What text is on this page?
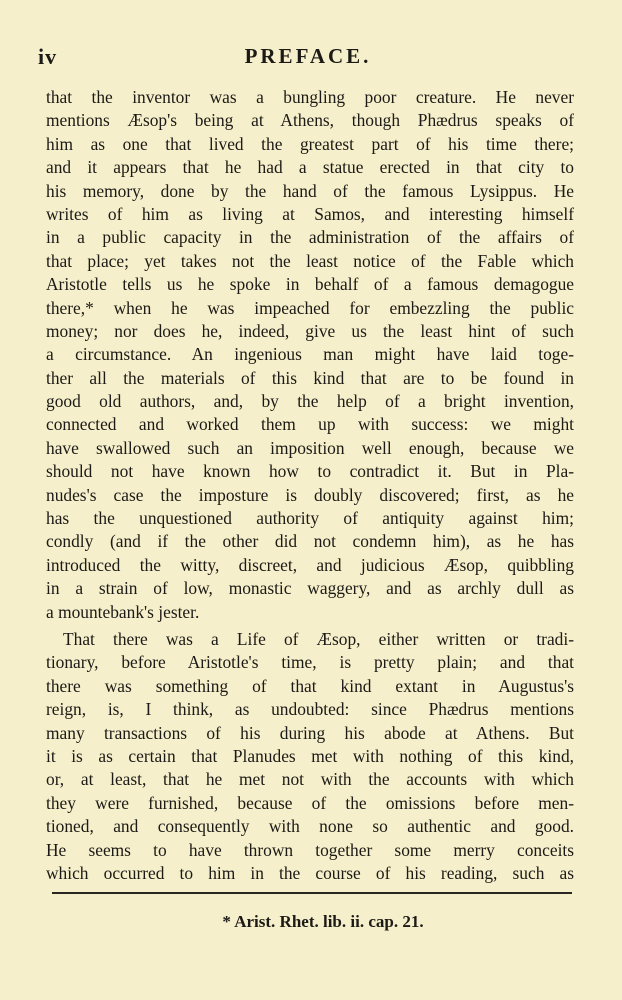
iv	PREFACE.
that the inventor was a bungling poor creature. He never
mentions Æsop's being at Athens, though Phædrus speaks of
him as one that lived the greatest part of his time there;
and it appears that he had a statue erected in that city to
his memory, done by the hand of the famous Lysippus. He
writes of him as living at Samos, and interesting himself
in a public capacity in the administration of the affairs of
that place; yet takes not the least notice of the Fable which
Aristotle tells us he spoke in behalf of a famous demagogue
there,* when he was impeached for embezzling the public
money; nor does he, indeed, give us the least hint of such
a circumstance. An ingenious man might have laid toge-
ther all the materials of this kind that are to be found in
good old authors, and, by the help of a bright invention,
connected and worked them up with success: we might
have swallowed such an imposition well enough, because we
should not have known how to contradict it. But in Pla-
nudes's case the imposture is doubly discovered; first, as he
has the unquestioned authority of antiquity against him;
condly (and if the other did not condemn him), as he has
introduced the witty, discreet, and judicious Æsop, quibbling
in a strain of low, monastic waggery, and as archly dull as
a mountebank's jester.
That there was a Life of Æsop, either written or tradi-
tionary, before Aristotle's time, is pretty plain; and that
there was something of that kind extant in Augustus's
reign, is, I think, as undoubted: since Phædrus mentions
many transactions of his during his abode at Athens. But
it is as certain that Planudes met with nothing of this kind,
or, at least, that he met not with the accounts with which
they were furnished, because of the omissions before men-
tioned, and consequently with none so authentic and good.
He seems to have thrown together some merry conceits
which occurred to him in the course of his reading, such as
* Arist. Rhet. lib. ii. cap. 21.
